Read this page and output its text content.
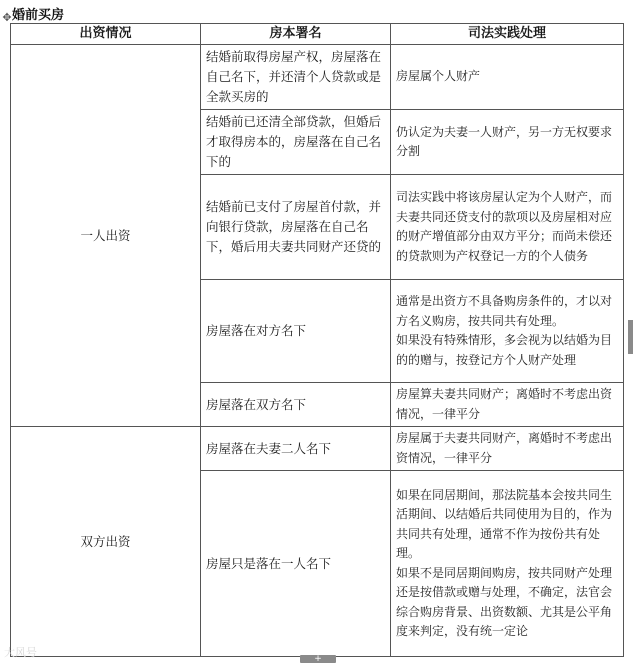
✥ 婚前买房
出资情况	房本署名	司法实践处理
一人出资	结婚前取得房屋产权，房屋落在自己名下，并还清个人贷款或是全款买房的	房屋属个人财产

	结婚前已还清全部贷款，但婚后才取得房本的，房屋落在自己名下的	仍认定为夫妻一人财产，另一方无权要求分割

	结婚前已支付了房屋首付款，并向银行贷款，房屋落在自己名下，婚后用夫妻共同财产还贷的	司法实践中将该房屋认定为个人财产，而夫妻共同还贷支付的款项以及房屋相对应的财产增值部分由双方平分；而尚未偿还的贷款则为产权登记一方的个人债务

	房屋落在对方名下	通常是出资方不具备购房条件的，才以对方名义购房，按共同共有处理。

如果没有特殊情形，多会视为以结婚为目的的赠与，按登记方个人财产处理

	房屋落在双方名下	房屋算夫妻共同财产；离婚时不考虑出资情况，一律平分

双方出资	房屋落在夫妻二人名下	房屋属于夫妻共同财产，离婚时不考虑出资情况，一律平分

	房屋只是落在一人名下	如果在同居期间，那法院基本会按共同生活期间、以结婚后共同使用为目的，作为共同共有处理，通常不作为按份共有处理。

如果不是同居期间购房，按共同财产处理还是按借款或赠与处理，不确定，法官会综合购房背景、出资数额、尤其是公平角度来判定，没有统一定论

+
大风号
